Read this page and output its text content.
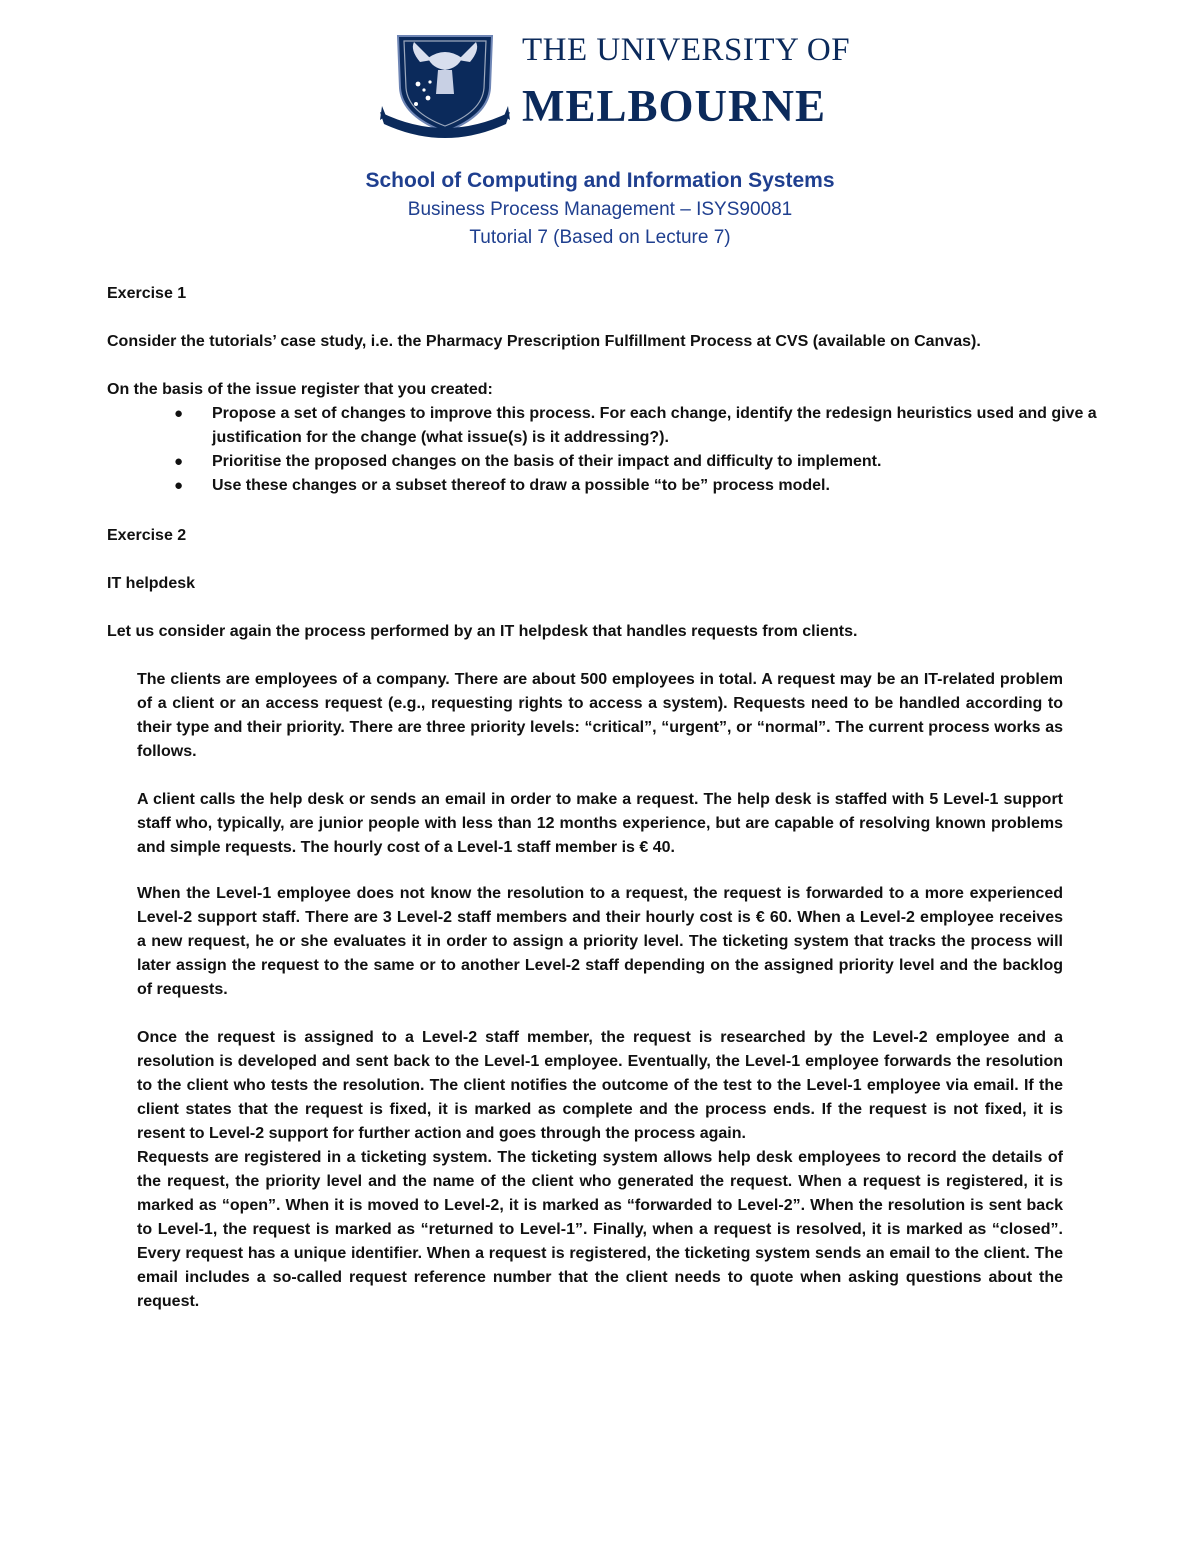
THE UNIVERSITY OF
MELBOURNE
School of Computing and Information Systems
Business Process Management – ISYS90081
Tutorial 7 (Based on Lecture 7)
Exercise 1
Consider the tutorials’ case study, i.e. the Pharmacy Prescription Fulfillment Process at CVS (available on Canvas).
On the basis of the issue register that you created:
● Propose a set of changes to improve this process. For each change, identify the redesign heuristics used and give a justification for the change (what issue(s) is it addressing?).
● Prioritise the proposed changes on the basis of their impact and difficulty to implement.
● Use these changes or a subset thereof to draw a possible “to be” process model.
Exercise 2
IT helpdesk
Let us consider again the process performed by an IT helpdesk that handles requests from clients.

The clients are employees of a company. There are about 500 employees in total. A request may be an IT-related problem of a client or an access request (e.g., requesting rights to access a system). Requests need to be handled according to their type and their priority. There are three priority levels: “critical”, “urgent”, or “normal”. The current process works as follows.

A client calls the help desk or sends an email in order to make a request. The help desk is staffed with 5 Level-1 support staff who, typically, are junior people with less than 12 months experience, but are capable of resolving known problems and simple requests. The hourly cost of a Level-1 staff member is € 40.

When the Level-1 employee does not know the resolution to a request, the request is forwarded to a more experienced Level-2 support staff. There are 3 Level-2 staff members and their hourly cost is € 60. When a Level-2 employee receives a new request, he or she evaluates it in order to assign a priority level. The ticketing system that tracks the process will later assign the request to the same or to another Level-2 staff depending on the assigned priority level and the backlog of requests.

Once the request is assigned to a Level-2 staff member, the request is researched by the Level-2 employee and a resolution is developed and sent back to the Level-1 employee. Eventually, the Level-1 employee forwards the resolution to the client who tests the resolution. The client notifies the outcome of the test to the Level-1 employee via email. If the client states that the request is fixed, it is marked as complete and the process ends. If the request is not fixed, it is resent to Level-2 support for further action and goes through the process again.

Requests are registered in a ticketing system. The ticketing system allows help desk employees to record the details of the request, the priority level and the name of the client who generated the request. When a request is registered, it is marked as “open”. When it is moved to Level-2, it is marked as “forwarded to Level-2”. When the resolution is sent back to Level-1, the request is marked as “returned to Level-1”. Finally, when a request is resolved, it is marked as “closed”. Every request has a unique identifier. When a request is registered, the ticketing system sends an email to the client. The email includes a so-called request reference number that the client needs to quote when asking questions about the request.
